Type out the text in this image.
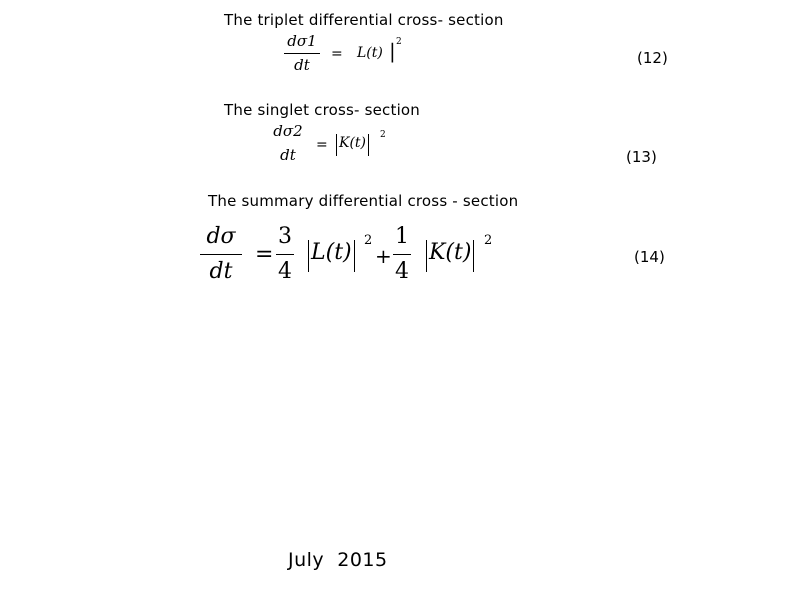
The triplet differential cross- section
The singlet cross- section
The summary differential cross - section
dσ1
dt
= L(t) | 2
(12)
dσ2
dt
= K(t)	2
(13)
dσ
dt
=
3
4
L(t) 2
+
1
4
K(t) 2
(14)
July  2015
